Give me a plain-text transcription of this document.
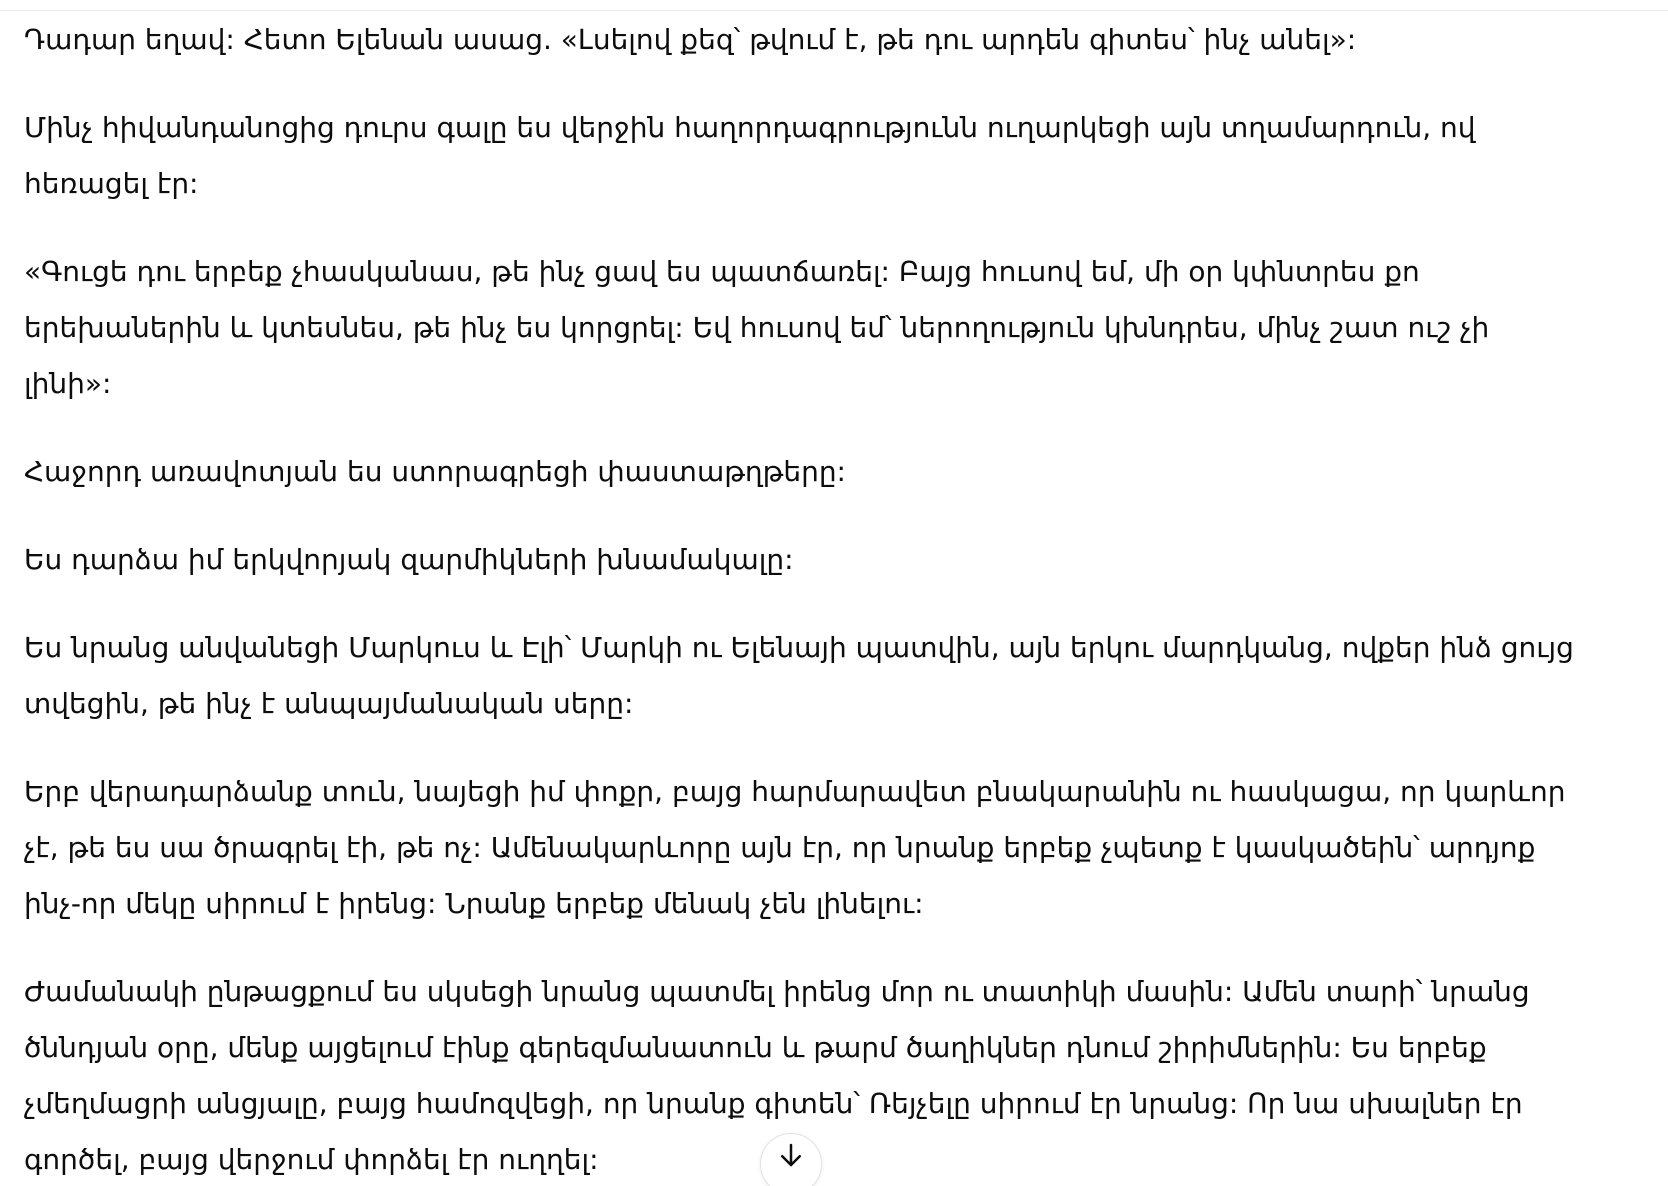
Դադար եղավ: Հետո Ելենան ասաց. «Լսելով քեզ՝ թվում է, թե դու արդեն գիտես՝ ինչ անել»:

Մինչ հիվանդանոցից դուրս գալը ես վերջին հաղորդագրությունն ուղարկեցի այն տղամարդուն, ով հեռացել էր:

«Գուցե դու երբեք չհասկանաս, թե ինչ ցավ ես պատճառել: Բայց հուսով եմ, մի օր կփնտրես քո երեխաներին և կտեսնես, թե ինչ ես կորցրել: Եվ հուսով եմ՝ ներողություն կխնդրես, մինչ շատ ուշ չի լինի»:

Հաջորդ առավոտյան ես ստորագրեցի փաստաթղթերը:

Ես դարձա իմ երկվորյակ զարմիկների խնամակալը:

Ես նրանց անվանեցի Մարկուս և Էլի՝ Մարկի ու Ելենայի պատվին, այն երկու մարդկանց, ովքեր ինձ ցույց տվեցին, թե ինչ է անպայմանական սերը:

Երբ վերադարձանք տուն, նայեցի իմ փոքր, բայց հարմարավետ բնակարանին ու հասկացա, որ կարևոր չէ, թե ես սա ծրագրել էի, թե ոչ: Ամենակարևորը այն էր, որ նրանք երբեք չպետք է կասկածեին՝ արդյոք ինչ-որ մեկը սիրում է իրենց: Նրանք երբեք մենակ չեն լինելու:

Ժամանակի ընթացքում ես սկսեցի նրանց պատմել իրենց մոր ու տատիկի մասին: Ամեն տարի՝ նրանց ծննդյան օրը, մենք այցելում էինք գերեզմանատուն և թարմ ծաղիկներ դնում շիրիմներին: Ես երբեք չմեղմացրի անցյալը, բայց համոզվեցի, որ նրանք գիտեն՝ Ռեյչելը սիրում էր նրանց: Որ նա սխալներ էր գործել, բայց վերջում փորձել էր ուղղել:
